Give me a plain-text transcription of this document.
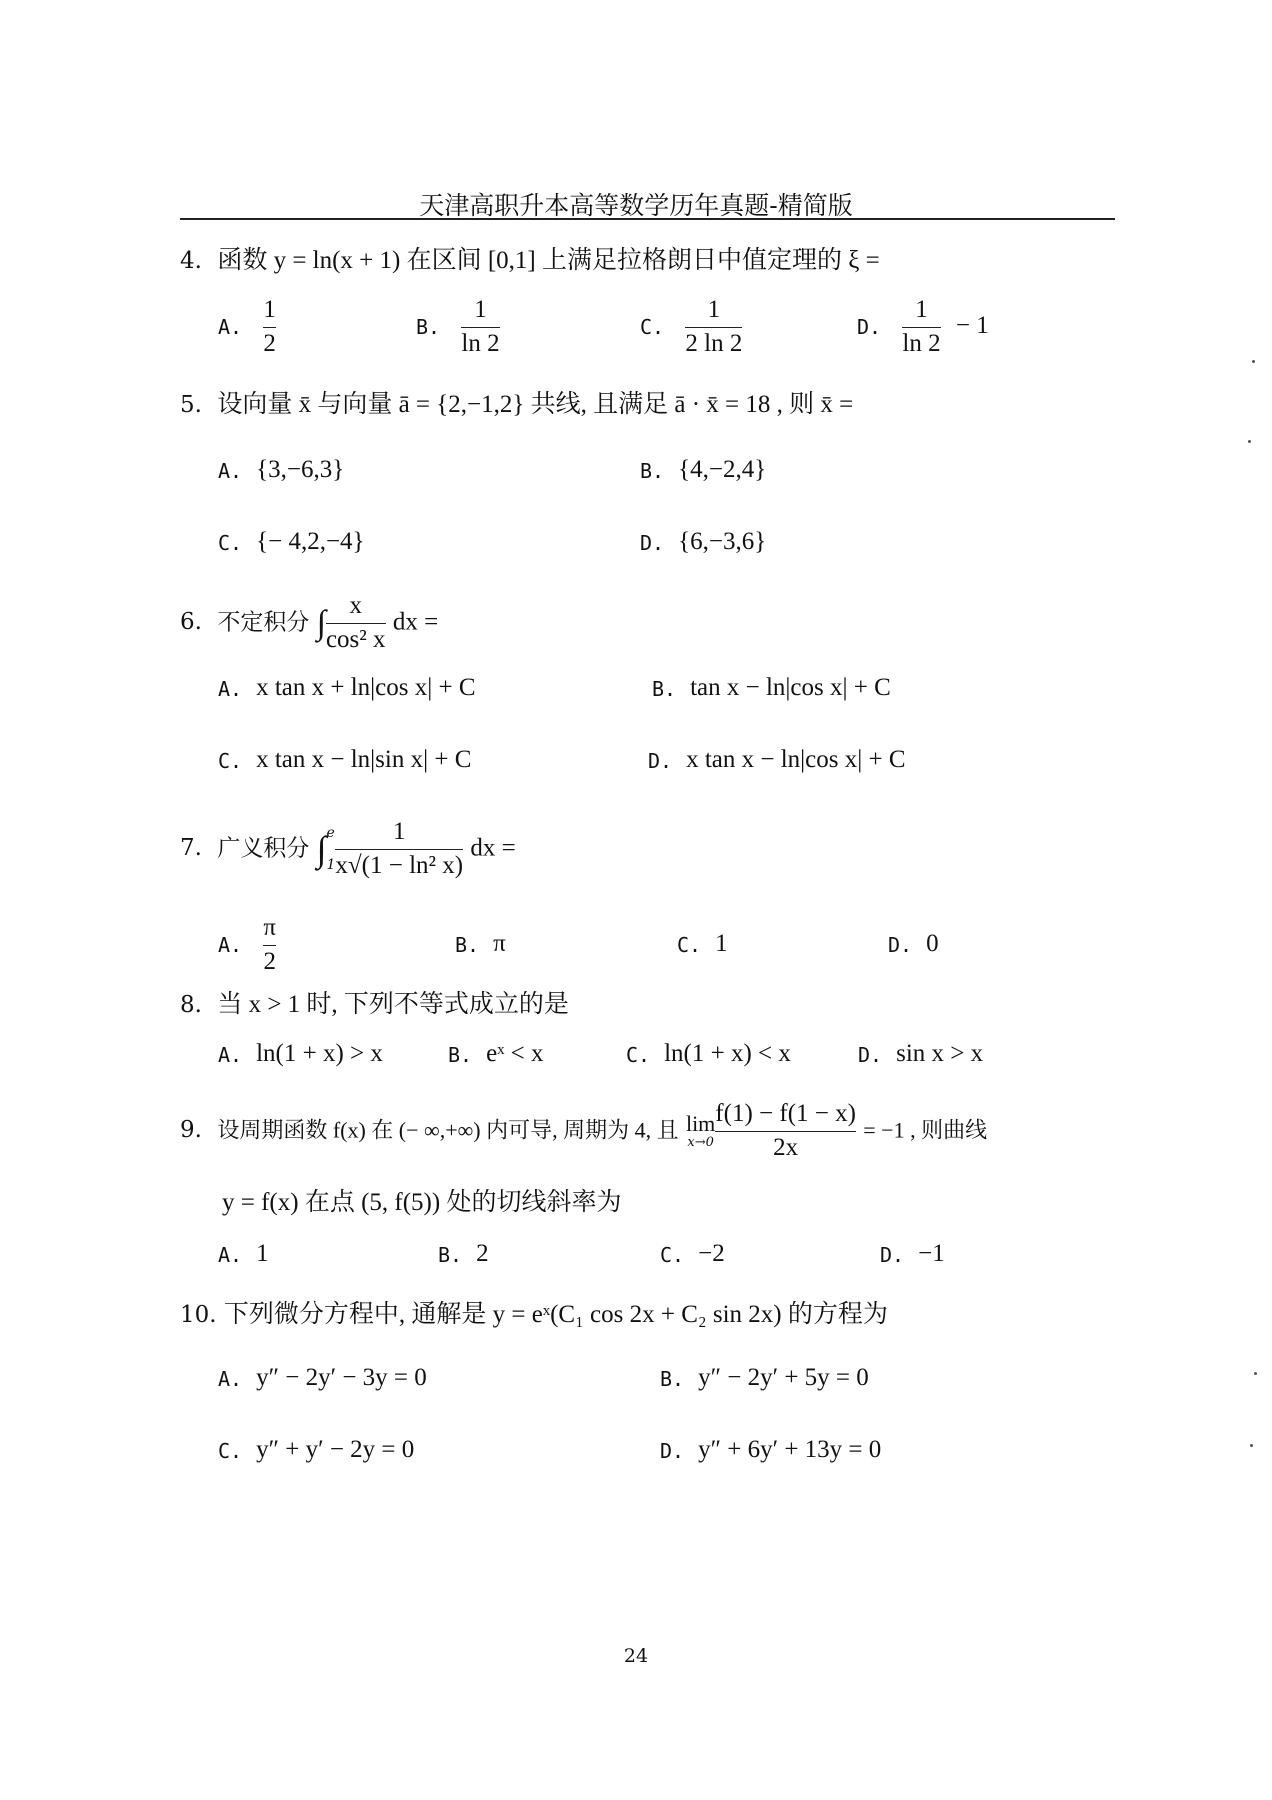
天津高职升本高等数学历年真题-精简版
4. 函数 y = ln(x + 1) 在区间 [0,1] 上满足拉格朗日中值定理的 ξ =
A. $\frac{1}{2}$	B. $\frac{1}{\ln 2}$	C. $\frac{1}{2 \ln 2}$	D. $\frac{1}{\ln 2} - 1$
5. 设向量 x̄ 与向量 ā = {2,−1,2} 共线, 且满足 ā · x̄ = 18 , 则 x̄ =
A. {3,−6,3}	B. {4,−2,4}
C. {− 4,2,−4}	D. {6,−3,6}
6. 不定积分 ∫ $\frac{x}{\text{cos² x}}$ dx =
A. x tan x + ln|cos x| + C	B. tan x − ln|cos x| + C
C. x tan x − ln|sin x| + C	D. x tan x − ln|cos x| + C
7. 广义积分 ∫ e
$1 \frac{1}{\text{x√(1 − ln² x)}}$ dx =
A. $\frac{\pi}{2}$	B. π	C. 1	D. 0
8. 当 x > 1 时, 下列不等式成立的是
A. ln(1 + x) > x	B. eˣ < x	C. ln(1 + x) < x	D. sin x > x
9. 设周期函数 f(x) 在 (− ∞,+∞) 内可导, 周期为 4, 且 lim
$x\to 0 \frac{f(1) - f(1 - x)}{2x} = -1$ , 则曲线
y = f(x) 在点 (5, f(5)) 处的切线斜率为
A. 1	B. 2	C. −2	D. −1
10. 下列微分方程中, 通解是 y = eˣ(C₁ cos 2x + C₂ sin 2x) 的方程为
A. y″ − 2y′ − 3y = 0	B. y″ − 2y′ + 5y = 0
C. y″ + y′ − 2y = 0	D. y″ + 6y′ + 13y = 0
24
